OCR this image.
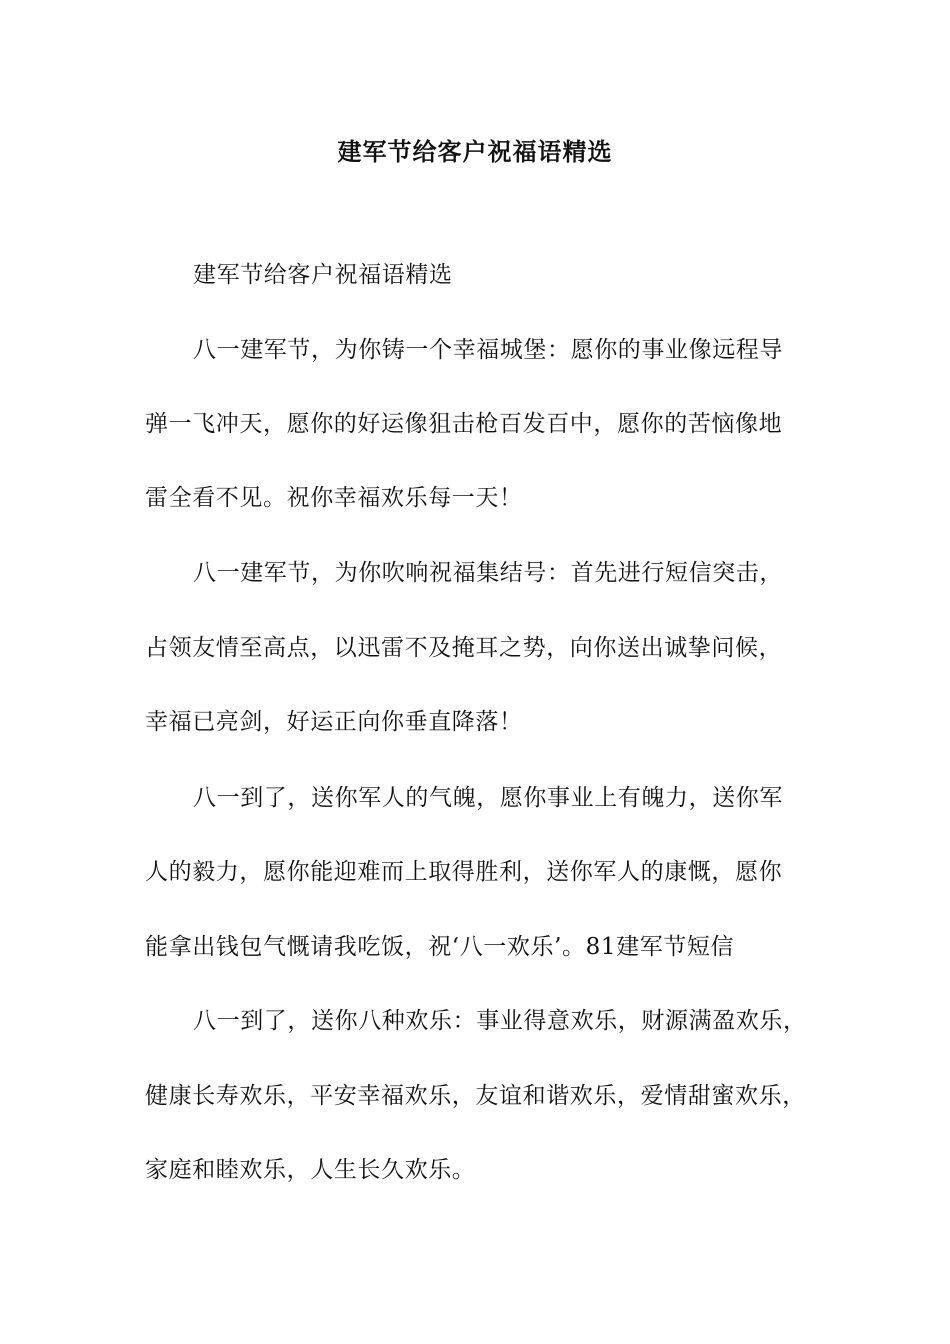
建军节给客户祝福语精选
建军节给客户祝福语精选
八一建军节，为你铸一个幸福城堡：愿你的事业像远程导
弹一飞冲天，愿你的好运像狙击枪百发百中，愿你的苦恼像地
雷全看不见。祝你幸福欢乐每一天！
八一建军节，为你吹响祝福集结号：首先进行短信突击，
占领友情至高点，以迅雷不及掩耳之势，向你送出诚挚问候，
幸福已亮剑，好运正向你垂直降落！
八一到了，送你军人的气魄，愿你事业上有魄力，送你军
人的毅力，愿你能迎难而上取得胜利，送你军人的康慨，愿你
能拿出钱包气慨请我吃饭，祝‘八一欢乐’。81建军节短信
八一到了，送你八种欢乐：事业得意欢乐，财源满盈欢乐，
健康长寿欢乐，平安幸福欢乐，友谊和谐欢乐，爱情甜蜜欢乐，
家庭和睦欢乐，人生长久欢乐。
